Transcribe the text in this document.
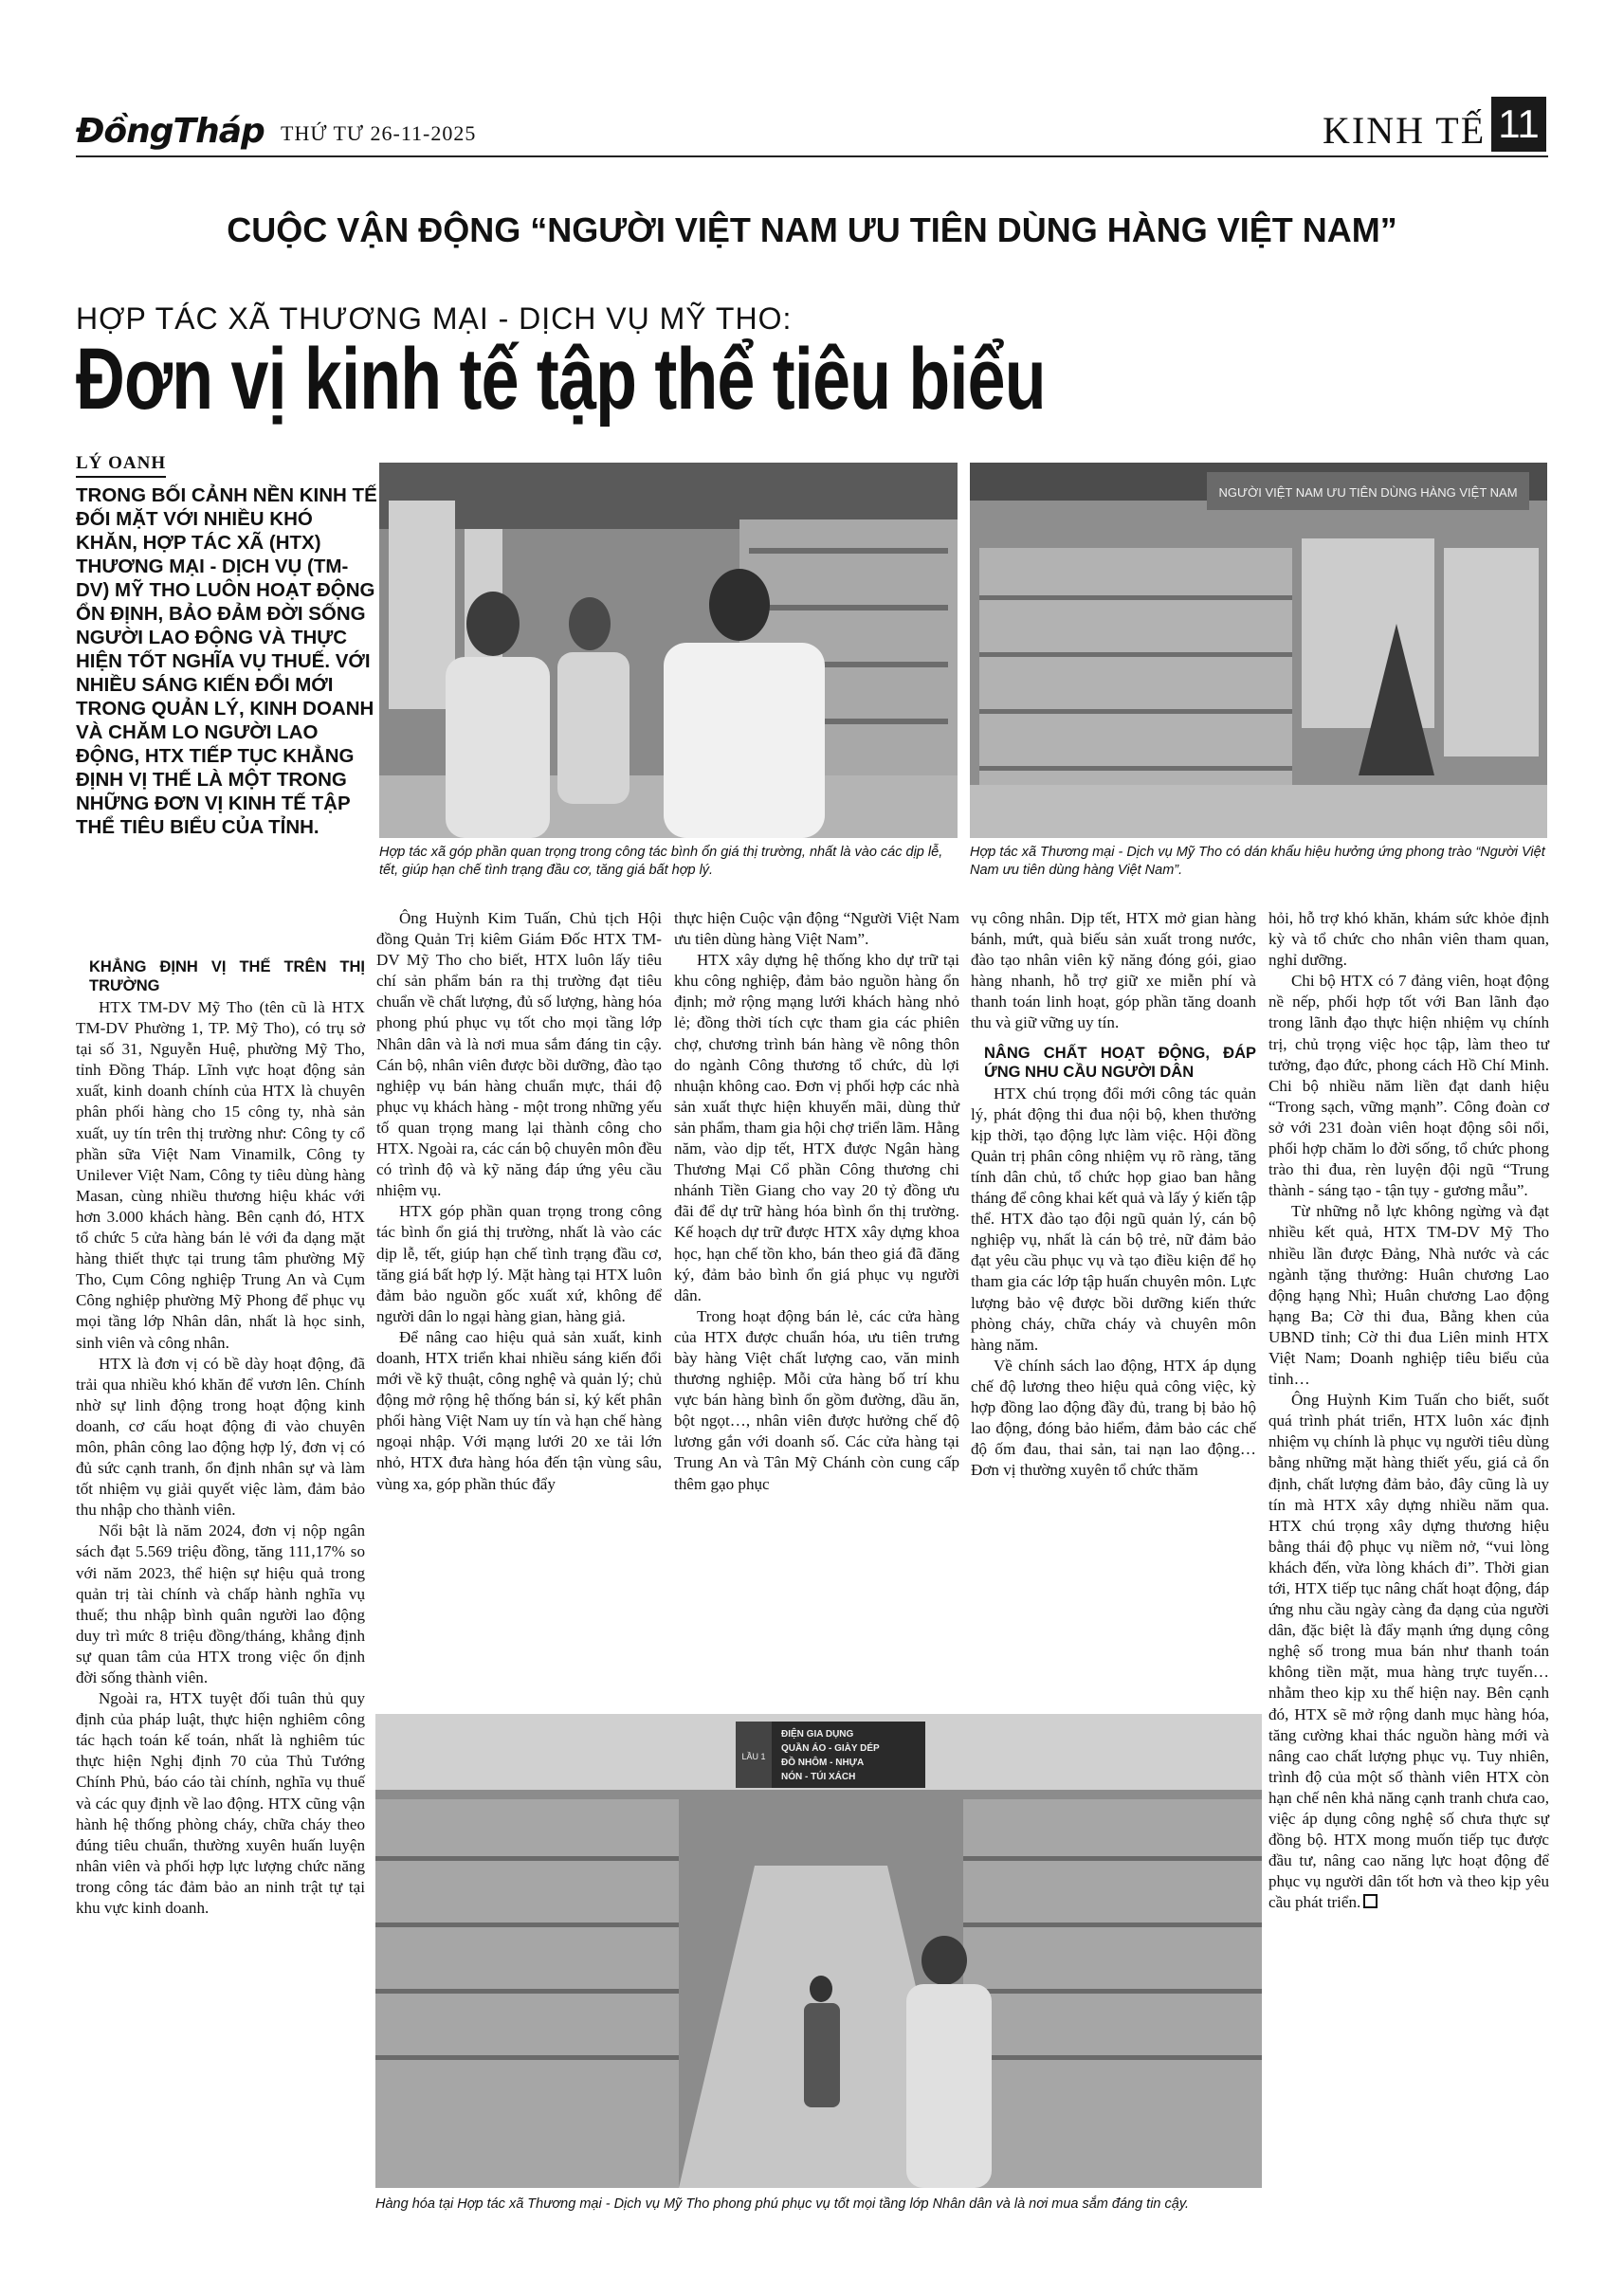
ĐồngTháp THỨ TƯ 26-11-2025	KINH TẾ 11
CUỘC VẬN ĐỘNG “NGƯỜI VIỆT NAM ƯU TIÊN DÙNG HÀNG VIỆT NAM”
HỢP TÁC XÃ THƯƠNG MẠI - DỊCH VỤ MỸ THO:
Đơn vị kinh tế tập thể tiêu biểu
LÝ OANH
TRONG BỐI CẢNH NỀN KINH TẾ ĐỐI MẶT VỚI NHIỀU KHÓ KHĂN, HỢP TÁC XÃ (HTX) THƯƠNG MẠI - DỊCH VỤ (TM-DV) MỸ THO LUÔN HOẠT ĐỘNG ỔN ĐỊNH, BẢO ĐẢM ĐỜI SỐNG NGƯỜI LAO ĐỘNG VÀ THỰC HIỆN TỐT NGHĨA VỤ THUẾ. VỚI NHIỀU SÁNG KIẾN ĐỔI MỚI TRONG QUẢN LÝ, KINH DOANH VÀ CHĂM LO NGƯỜI LAO ĐỘNG, HTX TIẾP TỤC KHẲNG ĐỊNH VỊ THẾ LÀ MỘT TRONG NHỮNG ĐƠN VỊ KINH TẾ TẬP THỂ TIÊU BIỂU CỦA TỈNH.
Hợp tác xã góp phần quan trọng trong công tác bình ổn giá thị trường, nhất là vào các dịp lễ, tết, giúp hạn chế tình trạng đầu cơ, tăng giá bất hợp lý.
NGƯỜI VIỆT NAM ƯU TIÊN DÙNG HÀNG VIỆT NAM
Hợp tác xã Thương mại - Dịch vụ Mỹ Tho có dán khẩu hiệu hưởng ứng phong trào “Người Việt Nam ưu tiên dùng hàng Việt Nam”.
LẦU 1
ĐIỆN GIA DỤNG
QUẦN ÁO - GIÀY DÉP
ĐỒ NHÔM - NHỰA
NÓN - TÚI XÁCH
Hàng hóa tại Hợp tác xã Thương mại - Dịch vụ Mỹ Tho phong phú phục vụ tốt mọi tầng lớp Nhân dân và là nơi mua sắm đáng tin cậy.
KHẲNG ĐỊNH VỊ THẾ TRÊN THỊ TRƯỜNG

HTX TM-DV Mỹ Tho (tên cũ là HTX TM-DV Phường 1, TP. Mỹ Tho), có trụ sở tại số 31, Nguyễn Huệ, phường Mỹ Tho, tỉnh Đồng Tháp. Lĩnh vực hoạt động sản xuất, kinh doanh chính của HTX là chuyên phân phối hàng cho 15 công ty, nhà sản xuất, uy tín trên thị trường như: Công ty cổ phần sữa Việt Nam Vinamilk, Công ty Unilever Việt Nam, Công ty tiêu dùng hàng Masan, cùng nhiều thương hiệu khác với hơn 3.000 khách hàng. Bên cạnh đó, HTX tổ chức 5 cửa hàng bán lẻ với đa dạng mặt hàng thiết thực tại trung tâm phường Mỹ Tho, Cụm Công nghiệp Trung An và Cụm Công nghiệp phường Mỹ Phong để phục vụ mọi tầng lớp Nhân dân, nhất là học sinh, sinh viên và công nhân.

HTX là đơn vị có bề dày hoạt động, đã trải qua nhiều khó khăn để vươn lên. Chính nhờ sự linh động trong hoạt động kinh doanh, cơ cấu hoạt động đi vào chuyên môn, phân công lao động hợp lý, đơn vị có đủ sức cạnh tranh, ổn định nhân sự và làm tốt nhiệm vụ giải quyết việc làm, đảm bảo thu nhập cho thành viên.

Nổi bật là năm 2024, đơn vị nộp ngân sách đạt 5.569 triệu đồng, tăng 111,17% so với năm 2023, thể hiện sự hiệu quả trong quản trị tài chính và chấp hành nghĩa vụ thuế; thu nhập bình quân người lao động duy trì mức 8 triệu đồng/tháng, khẳng định sự quan tâm của HTX trong việc ổn định đời sống thành viên.

Ngoài ra, HTX tuyệt đối tuân thủ quy định của pháp luật, thực hiện nghiêm công tác hạch toán kế toán, nhất là nghiêm túc thực hiện Nghị định 70 của Thủ Tướng Chính Phủ, báo cáo tài chính, nghĩa vụ thuế và các quy định về lao động. HTX cũng vận hành hệ thống phòng cháy, chữa cháy theo đúng tiêu chuẩn, thường xuyên huấn luyện nhân viên và phối hợp lực lượng chức năng trong công tác đảm bảo an ninh trật tự tại khu vực kinh doanh.

Ông Huỳnh Kim Tuấn, Chủ tịch Hội đồng Quản Trị kiêm Giám Đốc HTX TM-DV Mỹ Tho cho biết, HTX luôn lấy tiêu chí sản phẩm bán ra thị trường đạt tiêu chuẩn về chất lượng, đủ số lượng, hàng hóa phong phú phục vụ tốt cho mọi tầng lớp Nhân dân và là nơi mua sắm đáng tin cậy. Cán bộ, nhân viên được bồi dưỡng, đào tạo nghiệp vụ bán hàng chuẩn mực, thái độ phục vụ khách hàng - một trong những yếu tố quan trọng mang lại thành công cho HTX. Ngoài ra, các cán bộ chuyên môn đều có trình độ và kỹ năng đáp ứng yêu cầu nhiệm vụ.

HTX góp phần quan trọng trong công tác bình ổn giá thị trường, nhất là vào các dịp lễ, tết, giúp hạn chế tình trạng đầu cơ, tăng giá bất hợp lý. Mặt hàng tại HTX luôn đảm bảo nguồn gốc xuất xứ, không để người dân lo ngại hàng gian, hàng giả.

Để nâng cao hiệu quả sản xuất, kinh doanh, HTX triển khai nhiều sáng kiến đổi mới về kỹ thuật, công nghệ và quản lý; chủ động mở rộng hệ thống bán sỉ, ký kết phân phối hàng Việt Nam uy tín và hạn chế hàng ngoại nhập. Với mạng lưới 20 xe tải lớn nhỏ, HTX đưa hàng hóa đến tận vùng sâu, vùng xa, góp phần thúc đẩy

thực hiện Cuộc vận động “Người Việt Nam ưu tiên dùng hàng Việt Nam”.

HTX xây dựng hệ thống kho dự trữ tại khu công nghiệp, đảm bảo nguồn hàng ổn định; mở rộng mạng lưới khách hàng nhỏ lẻ; đồng thời tích cực tham gia các phiên chợ, chương trình bán hàng về nông thôn do ngành Công thương tổ chức, dù lợi nhuận không cao. Đơn vị phối hợp các nhà sản xuất thực hiện khuyến mãi, dùng thử sản phẩm, tham gia hội chợ triển lãm. Hằng năm, vào dịp tết, HTX được Ngân hàng Thương Mại Cổ phần Công thương chi nhánh Tiền Giang cho vay 20 tỷ đồng ưu đãi để dự trữ hàng hóa bình ổn thị trường. Kế hoạch dự trữ được HTX xây dựng khoa học, hạn chế tồn kho, bán theo giá đã đăng ký, đảm bảo bình ổn giá phục vụ người dân.

Trong hoạt động bán lẻ, các cửa hàng của HTX được chuẩn hóa, ưu tiên trưng bày hàng Việt chất lượng cao, văn minh thương nghiệp. Mỗi cửa hàng bố trí khu vực bán hàng bình ổn gồm đường, dầu ăn, bột ngọt…, nhân viên được hưởng chế độ lương gắn với doanh số. Các cửa hàng tại Trung An và Tân Mỹ Chánh còn cung cấp thêm gạo phục

vụ công nhân. Dịp tết, HTX mở gian hàng bánh, mứt, quà biếu sản xuất trong nước, đào tạo nhân viên kỹ năng đóng gói, giao hàng nhanh, hỗ trợ giữ xe miễn phí và thanh toán linh hoạt, góp phần tăng doanh thu và giữ vững uy tín.

NÂNG CHẤT HOẠT ĐỘNG, ĐÁP ỨNG NHU CẦU NGƯỜI DÂN

HTX chú trọng đổi mới công tác quản lý, phát động thi đua nội bộ, khen thưởng kịp thời, tạo động lực làm việc. Hội đồng Quản trị phân công nhiệm vụ rõ ràng, tăng tính dân chủ, tổ chức họp giao ban hằng tháng để công khai kết quả và lấy ý kiến tập thể. HTX đào tạo đội ngũ quản lý, cán bộ nghiệp vụ, nhất là cán bộ trẻ, nữ đảm bảo đạt yêu cầu phục vụ và tạo điều kiện để họ tham gia các lớp tập huấn chuyên môn. Lực lượng bảo vệ được bồi dưỡng kiến thức phòng cháy, chữa cháy và chuyên môn hàng năm.

Về chính sách lao động, HTX áp dụng chế độ lương theo hiệu quả công việc, kỳ hợp đồng lao động đầy đủ, trang bị bảo hộ lao động, đóng bảo hiểm, đảm bảo các chế độ ốm đau, thai sản, tai nạn lao động… Đơn vị thường xuyên tổ chức thăm

hỏi, hỗ trợ khó khăn, khám sức khỏe định kỳ và tổ chức cho nhân viên tham quan, nghỉ dưỡng.

Chi bộ HTX có 7 đảng viên, hoạt động nề nếp, phối hợp tốt với Ban lãnh đạo trong lãnh đạo thực hiện nhiệm vụ chính trị, chủ trọng việc học tập, làm theo tư tưởng, đạo đức, phong cách Hồ Chí Minh. Chi bộ nhiều năm liền đạt danh hiệu “Trong sạch, vững mạnh”. Công đoàn cơ sở với 231 đoàn viên hoạt động sôi nổi, phối hợp chăm lo đời sống, tổ chức phong trào thi đua, rèn luyện đội ngũ “Trung thành - sáng tạo - tận tụy - gương mẫu”.

Từ những nỗ lực không ngừng và đạt nhiều kết quả, HTX TM-DV Mỹ Tho nhiều lần được Đảng, Nhà nước và các ngành tặng thưởng: Huân chương Lao động hạng Nhì; Huân chương Lao động hạng Ba; Cờ thi đua, Bằng khen của UBND tỉnh; Cờ thi đua Liên minh HTX Việt Nam; Doanh nghiệp tiêu biểu của tỉnh…

Ông Huỳnh Kim Tuấn cho biết, suốt quá trình phát triển, HTX luôn xác định nhiệm vụ chính là phục vụ người tiêu dùng bằng những mặt hàng thiết yếu, giá cả ổn định, chất lượng đảm bảo, đây cũng là uy tín mà HTX xây dựng nhiều năm qua. HTX chú trọng xây dựng thương hiệu bằng thái độ phục vụ niềm nở, “vui lòng khách đến, vừa lòng khách đi”. Thời gian tới, HTX tiếp tục nâng chất hoạt động, đáp ứng nhu cầu ngày càng đa dạng của người dân, đặc biệt là đẩy mạnh ứng dụng công nghệ số trong mua bán như thanh toán không tiền mặt, mua hàng trực tuyến… nhằm theo kịp xu thế hiện nay. Bên cạnh đó, HTX sẽ mở rộng danh mục hàng hóa, tăng cường khai thác nguồn hàng mới và nâng cao chất lượng phục vụ. Tuy nhiên, trình độ của một số thành viên HTX còn hạn chế nên khả năng cạnh tranh chưa cao, việc áp dụng công nghệ số chưa thực sự đồng bộ. HTX mong muốn tiếp tục được đầu tư, nâng cao năng lực hoạt động để phục vụ người dân tốt hơn và theo kịp yêu cầu phát triển.
